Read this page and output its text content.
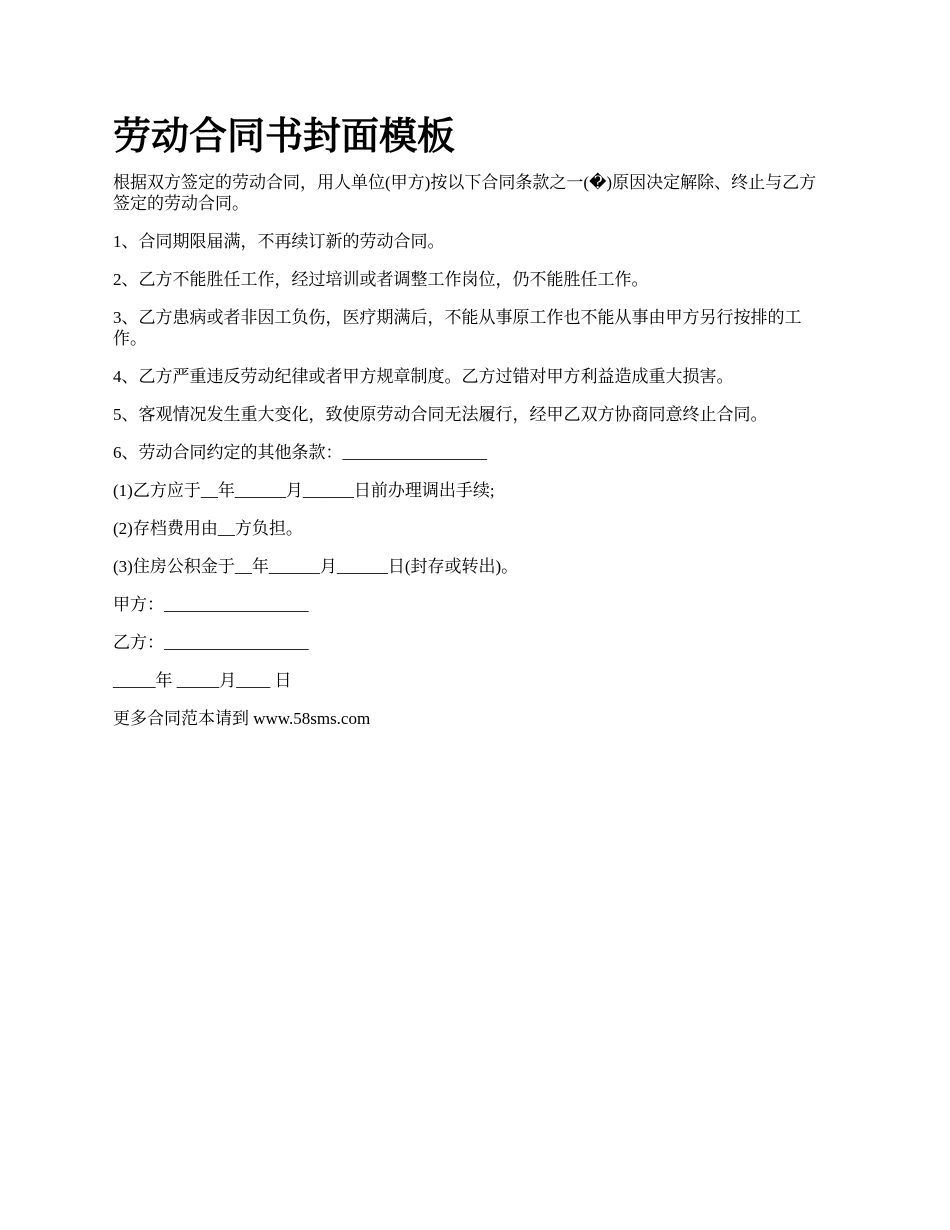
劳动合同书封面模板

根据双方签定的劳动合同，用人单位(甲方)按以下合同条款之一(�)原因决定解除、终止与乙方签定的劳动合同。

1、合同期限届满，不再续订新的劳动合同。

2、乙方不能胜任工作，经过培训或者调整工作岗位，仍不能胜任工作。

3、乙方患病或者非因工负伤，医疗期满后，不能从事原工作也不能从事由甲方另行按排的工作。

4、乙方严重违反劳动纪律或者甲方规章制度。乙方过错对甲方利益造成重大损害。

5、客观情况发生重大变化，致使原劳动合同无法履行，经甲乙双方协商同意终止合同。

6、劳动合同约定的其他条款：_________________

(1)乙方应于__年______月______日前办理调出手续;

(2)存档费用由__方负担。

(3)住房公积金于__年______月______日(封存或转出)。

甲方：_________________

乙方：_________________

_____年 _____月____ 日

更多合同范本请到 www.58sms.com
